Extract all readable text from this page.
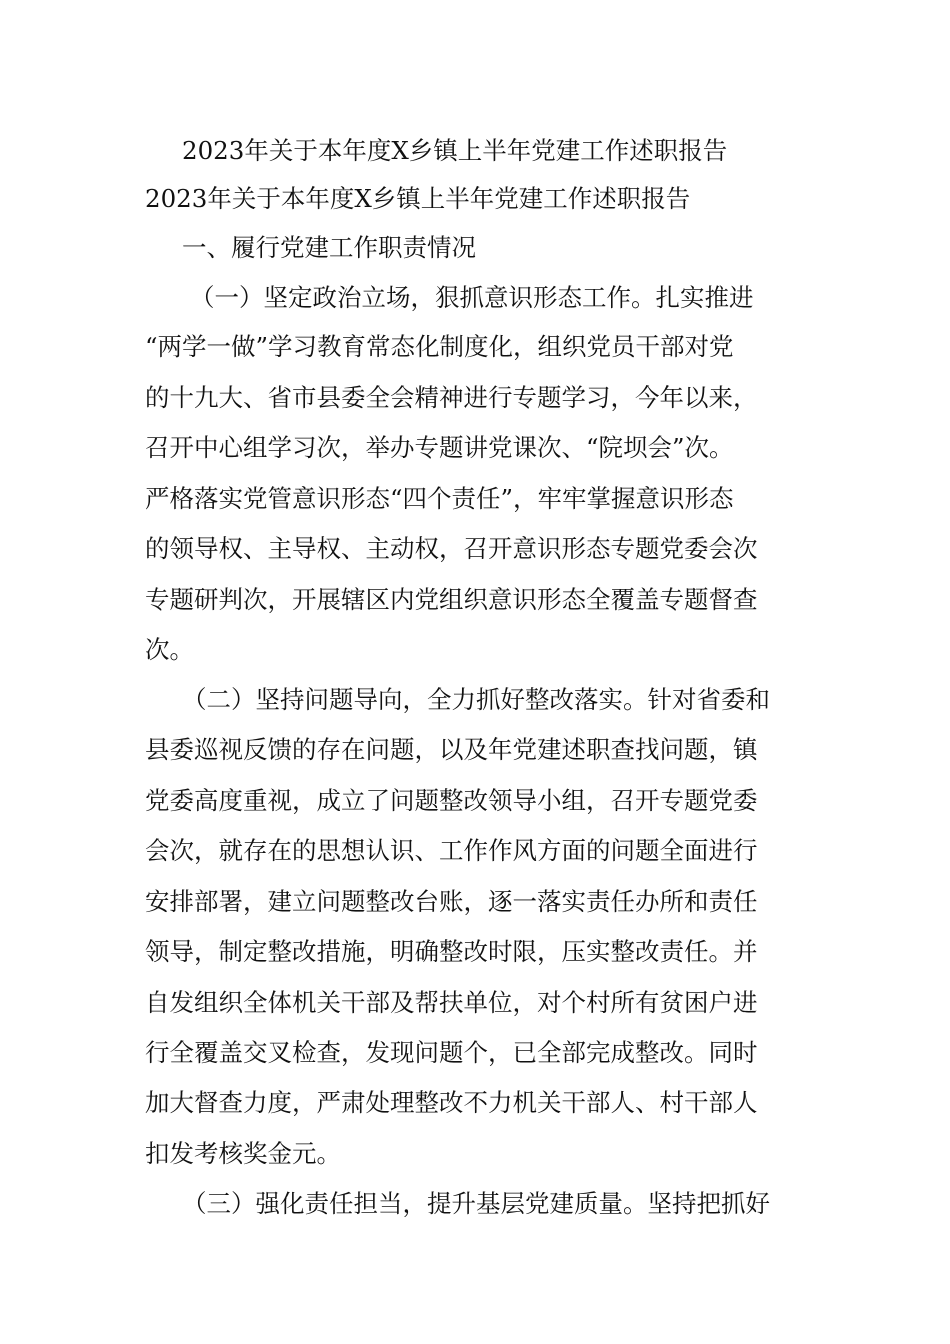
2023年关于本年度X乡镇上半年党建工作述职报告
2023年关于本年度X乡镇上半年党建工作述职报告
一、履行党建工作职责情况
（一）坚定政治立场，狠抓意识形态工作。扎实推进
“两学一做”学习教育常态化制度化，组织党员干部对党
的十九大、省市县委全会精神进行专题学习，今年以来，
召开中心组学习次，举办专题讲党课次、“院坝会”次。
严格落实党管意识形态“四个责任”，牢牢掌握意识形态
的领导权、主导权、主动权，召开意识形态专题党委会次
专题研判次，开展辖区内党组织意识形态全覆盖专题督查
次。
（二）坚持问题导向，全力抓好整改落实。针对省委和
县委巡视反馈的存在问题，以及年党建述职查找问题，镇
党委高度重视，成立了问题整改领导小组，召开专题党委
会次，就存在的思想认识、工作作风方面的问题全面进行
安排部署，建立问题整改台账，逐一落实责任办所和责任
领导，制定整改措施，明确整改时限，压实整改责任。并
自发组织全体机关干部及帮扶单位，对个村所有贫困户进
行全覆盖交叉检查，发现问题个，已全部完成整改。同时
加大督查力度，严肃处理整改不力机关干部人、村干部人
扣发考核奖金元。
（三）强化责任担当，提升基层党建质量。坚持把抓好
